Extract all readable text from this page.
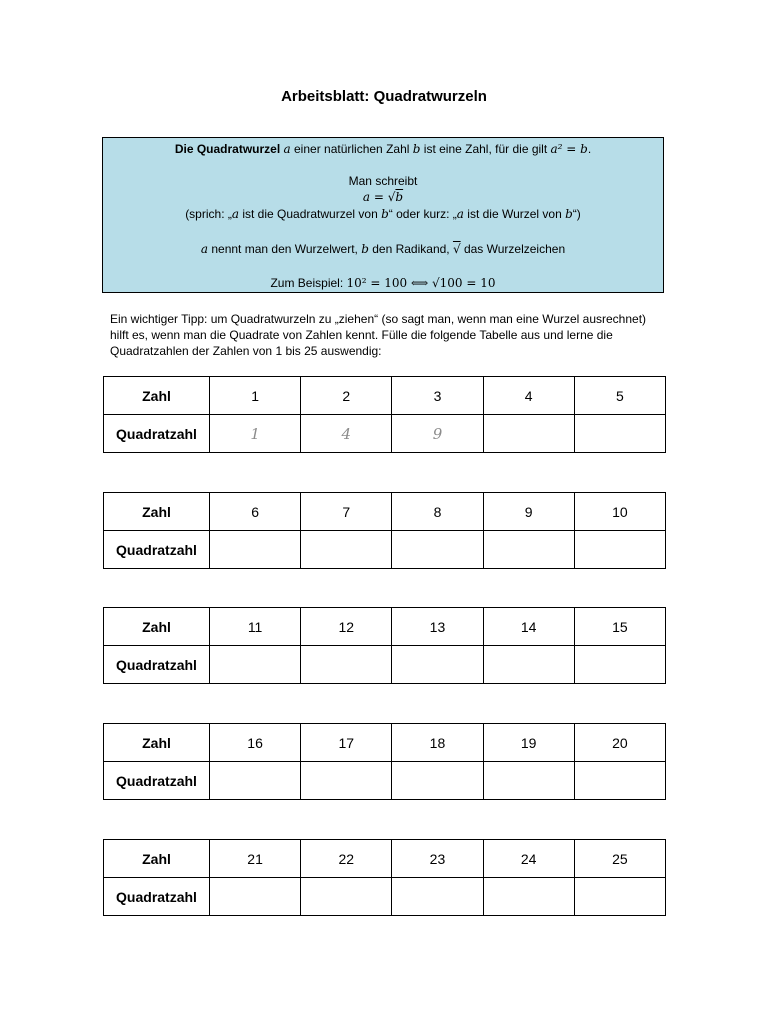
Arbeitsblatt: Quadratwurzeln
Die Quadratwurzel a einer natürlichen Zahl b ist eine Zahl, für die gilt a² = b.
Man schreibt
a = √b
(sprich: „a ist die Quadratwurzel von b“ oder kurz: „a ist die Wurzel von b“)
a nennt man den Wurzelwert, b den Radikand, √ das Wurzelzeichen
Zum Beispiel: 10² = 100 ⟺ √100 = 10
Ein wichtiger Tipp: um Quadratwurzeln zu „ziehen“ (so sagt man, wenn man eine Wurzel ausrechnet) hilft es, wenn man die Quadrate von Zahlen kennt. Fülle die folgende Tabelle aus und lerne die Quadratzahlen der Zahlen von 1 bis 25 auswendig:
Zahl	1	2	3	4	5
Quadratzahl	1	4	9		
Zahl	6	7	8	9	10
Quadratzahl					
Zahl	11	12	13	14	15
Quadratzahl					
Zahl	16	17	18	19	20
Quadratzahl					
Zahl	21	22	23	24	25
Quadratzahl					
